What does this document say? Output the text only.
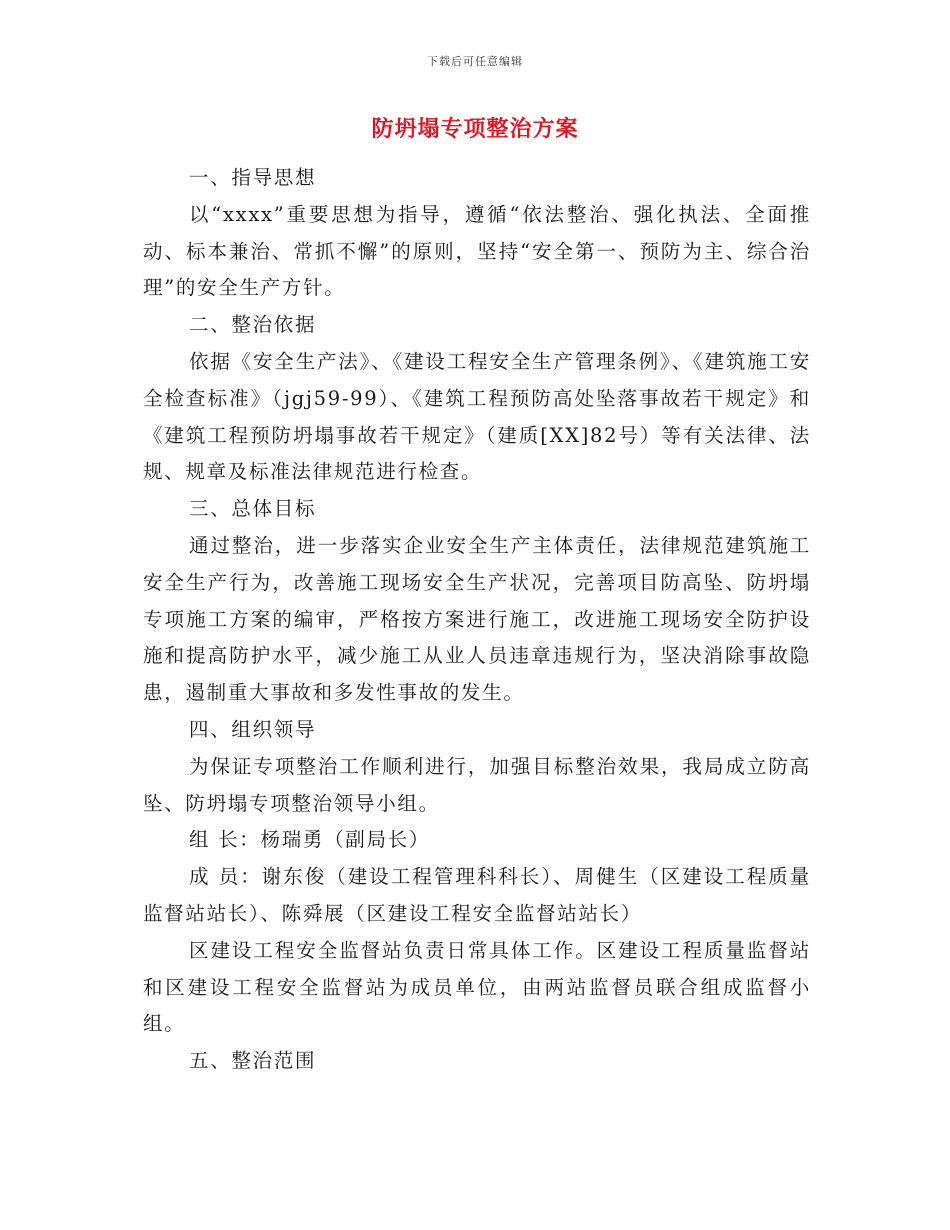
下载后可任意编辑
防坍塌专项整治方案

一、指导思想

以“xxxx”重要思想为指导，遵循“依法整治、强化执法、全面推动、标本兼治、常抓不懈”的原则，坚持“安全第一、预防为主、综合治理”的安全生产方针。

二、整治依据

依据《安全生产法》、《建设工程安全生产管理条例》、《建筑施工安全检查标准》（jgj59-99）、《建筑工程预防高处坠落事故若干规定》和《建筑工程预防坍塌事故若干规定》（建质[XX]82号）等有关法律、法规、规章及标准法律规范进行检查。

三、总体目标

通过整治，进一步落实企业安全生产主体责任，法律规范建筑施工安全生产行为，改善施工现场安全生产状况，完善项目防高坠、防坍塌专项施工方案的编审，严格按方案进行施工，改进施工现场安全防护设施和提高防护水平，减少施工从业人员违章违规行为，坚决消除事故隐患，遏制重大事故和多发性事故的发生。

四、组织领导

为保证专项整治工作顺利进行，加强目标整治效果，我局成立防高坠、防坍塌专项整治领导小组。

组 长：杨瑞勇（副局长）

成 员：谢东俊（建设工程管理科科长）、周健生（区建设工程质量监督站站长）、陈舜展（区建设工程安全监督站站长）

区建设工程安全监督站负责日常具体工作。区建设工程质量监督站和区建设工程安全监督站为成员单位，由两站监督员联合组成监督小组。

五、整治范围
